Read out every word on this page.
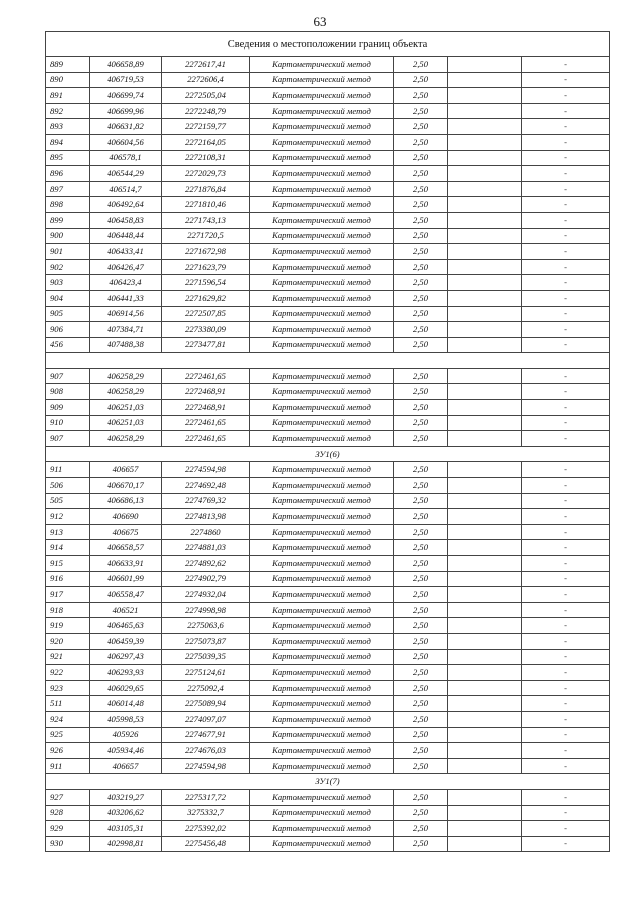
63
Сведения о местоположении границ объекта						
889	406658,89	2272617,41	Картометрический метод	2,50		-
890	406719,53	2272606,4	Картометрический метод	2,50		-
891	406699,74	2272505,04	Картометрический метод	2,50		-
892	406699,96	2272248,79	Картометрический метод	2,50		-
893	406631,82	2272159,77	Картометрический метод	2,50		-
894	406604,56	2272164,05	Картометрический метод	2,50		-
895	406578,1	2272108,31	Картометрический метод	2,50		-
896	406544,29	2272029,73	Картометрический метод	2,50		-
897	406514,7	2271876,84	Картометрический метод	2,50		-
898	406492,64	2271810,46	Картометрический метод	2,50		-
899	406458,83	2271743,13	Картометрический метод	2,50		-
900	406448,44	2271720,5	Картометрический метод	2,50		-
901	406433,41	2271672,98	Картометрический метод	2,50		-
902	406426,47	2271623,79	Картометрический метод	2,50		-
903	406423,4	2271596,54	Картометрический метод	2,50		-
904	406441,33	2271629,82	Картометрический метод	2,50		-
905	406914,56	2272507,85	Картометрический метод	2,50		-
906	407384,71	2273380,09	Картометрический метод	2,50		-
456	407488,38	2273477,81	Картометрический метод	2,50		-

907	406258,29	2272461,65	Картометрический метод	2,50		-
908	406258,29	2272468,91	Картометрический метод	2,50		-
909	406251,03	2272468,91	Картометрический метод	2,50		-
910	406251,03	2272461,65	Картометрический метод	2,50		-
907	406258,29	2272461,65	Картометрический метод	2,50		-
ЗУ1(6)						
911	406657	2274594,98	Картометрический метод	2,50		-
506	406670,17	2274692,48	Картометрический метод	2,50		-
505	406686,13	2274769,32	Картометрический метод	2,50		-
912	406690	2274813,98	Картометрический метод	2,50		-
913	406675	2274860	Картометрический метод	2,50		-
914	406658,57	2274881,03	Картометрический метод	2,50		-
915	406633,91	2274892,62	Картометрический метод	2,50		-
916	406601,99	2274902,79	Картометрический метод	2,50		-
917	406558,47	2274932,04	Картометрический метод	2,50		-
918	406521	2274998,98	Картометрический метод	2,50		-
919	406465,63	2275063,6	Картометрический метод	2,50		-
920	406459,39	2275073,87	Картометрический метод	2,50		-
921	406297,43	2275039,35	Картометрический метод	2,50		-
922	406293,93	2275124,61	Картометрический метод	2,50		-
923	406029,65	2275092,4	Картометрический метод	2,50		-
511	406014,48	2275089,94	Картометрический метод	2,50		-
924	405998,53	2274097,07	Картометрический метод	2,50		-
925	405926	2274677,91	Картометрический метод	2,50		-
926	405934,46	2274676,03	Картометрический метод	2,50		-
911	406657	2274594,98	Картометрический метод	2,50		-
ЗУ1(7)						
927	403219,27	2275317,72	Картометрический метод	2,50		-
928	403206,62	3275332,7	Картометрический метод	2,50		-
929	403105,31	2275392,02	Картометрический метод	2,50		-
930	402998,81	2275456,48	Картометрический метод	2,50		-
